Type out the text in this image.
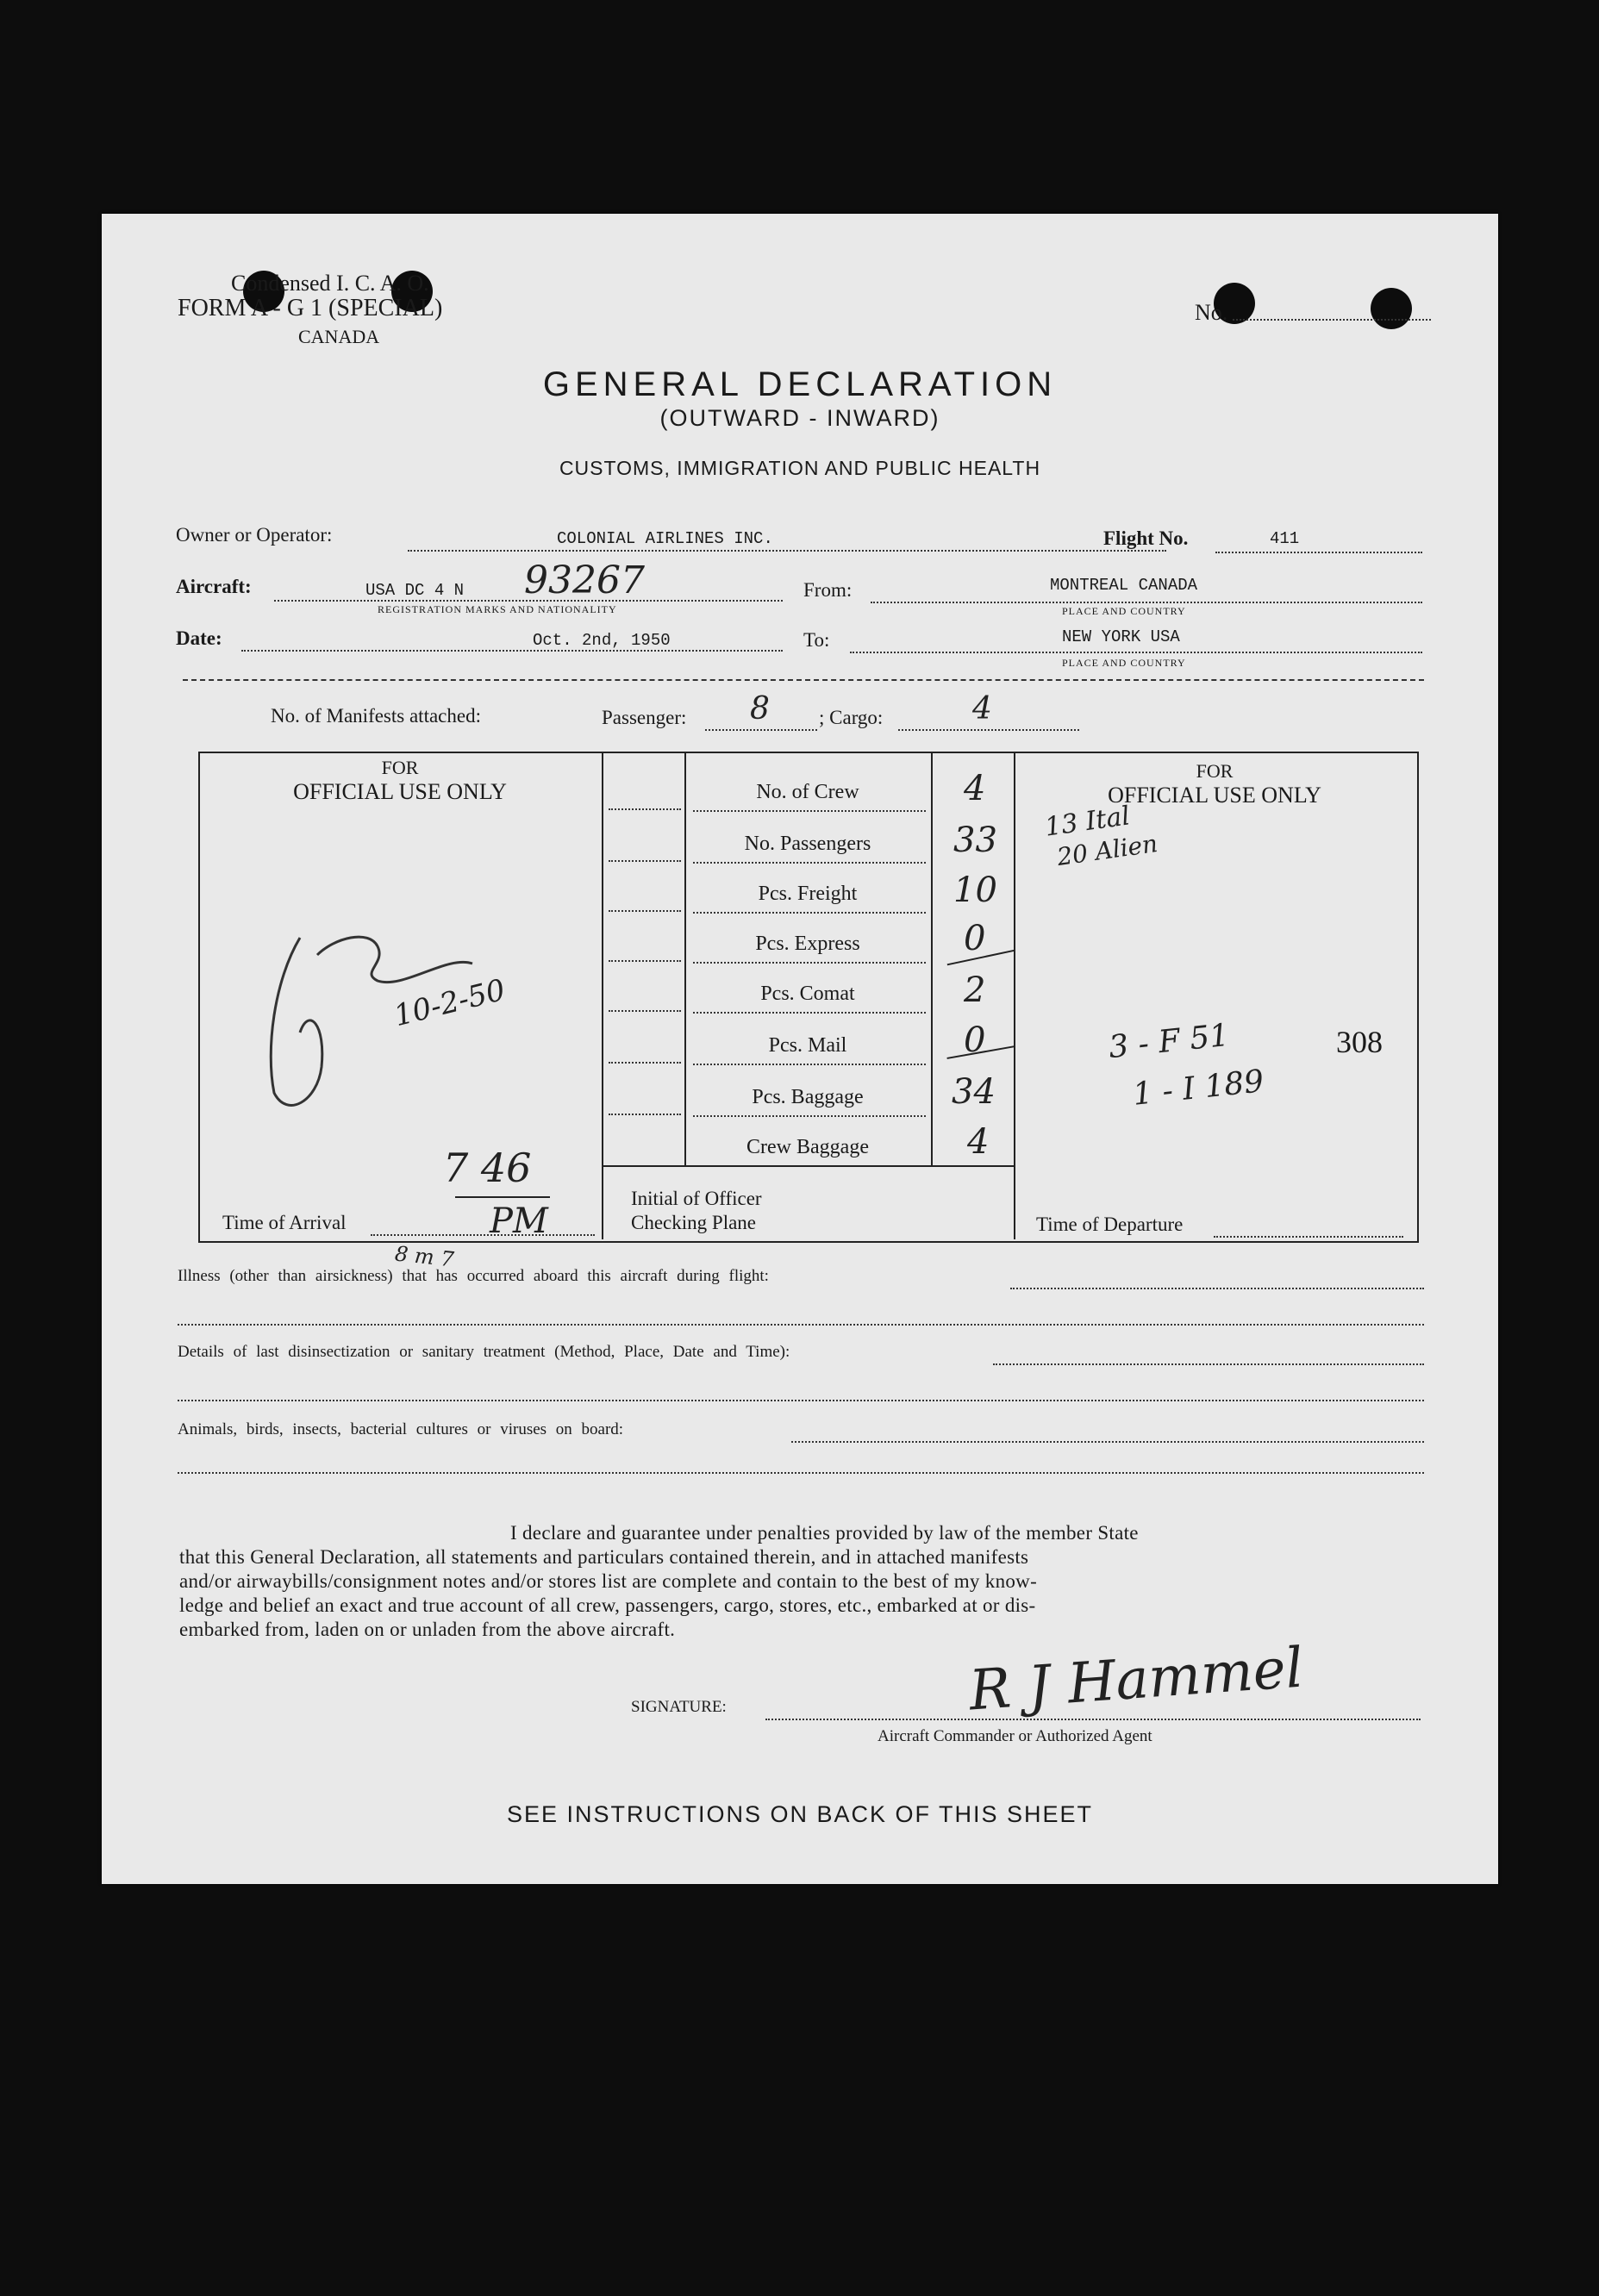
Condensed I. C. A. O.
FORM A - G 1 (SPECIAL)
CANADA
No.
GENERAL DECLARATION
(OUTWARD - INWARD)
CUSTOMS, IMMIGRATION AND PUBLIC HEALTH
Owner or Operator:	COLONIAL AIRLINES INC.	Flight No.	411
Aircraft:	USA DC 4 N 93267
REGISTRATION MARKS AND NATIONALITY
From:	MONTREAL CANADA
PLACE AND COUNTRY
Date:	Oct. 2nd, 1950	To:	NEW YORK USA
PLACE AND COUNTRY
No. of Manifests attached:	Passenger: 8 ; Cargo:	4
FOR
OFFICIAL USE ONLY
10-2-50
Time of Arrival
7 46
PM
Initial of Officer
Checking Plane
No. of Crew	4
No. Passengers	33
Pcs. Freight	10
Pcs. Express	0
Pcs. Comat	2
Pcs. Mail	0
Pcs. Baggage	34
Crew Baggage	4
FOR
OFFICIAL USE ONLY
13 Ital
20 Alien
3 - F 51	308
1 - I 189
Time of Departure
Illness (other than airsickness) that has occurred aboard this aircraft during flight:
8 m 7
Details of last disinsectization or sanitary treatment (Method, Place, Date and Time):
Animals, birds, insects, bacterial cultures or viruses on board:
I declare and guarantee under penalties provided by law of the member State
that this General Declaration, all statements and particulars contained therein, and in attached manifests
and/or airwaybills/consignment notes and/or stores list are complete and contain to the best of my know-
ledge and belief an exact and true account of all crew, passengers, cargo, stores, etc., embarked at or dis-
embarked from, laden on or unladen from the above aircraft.
SIGNATURE:	R J Hammel
Aircraft Commander or Authorized Agent
SEE INSTRUCTIONS ON BACK OF THIS SHEET
